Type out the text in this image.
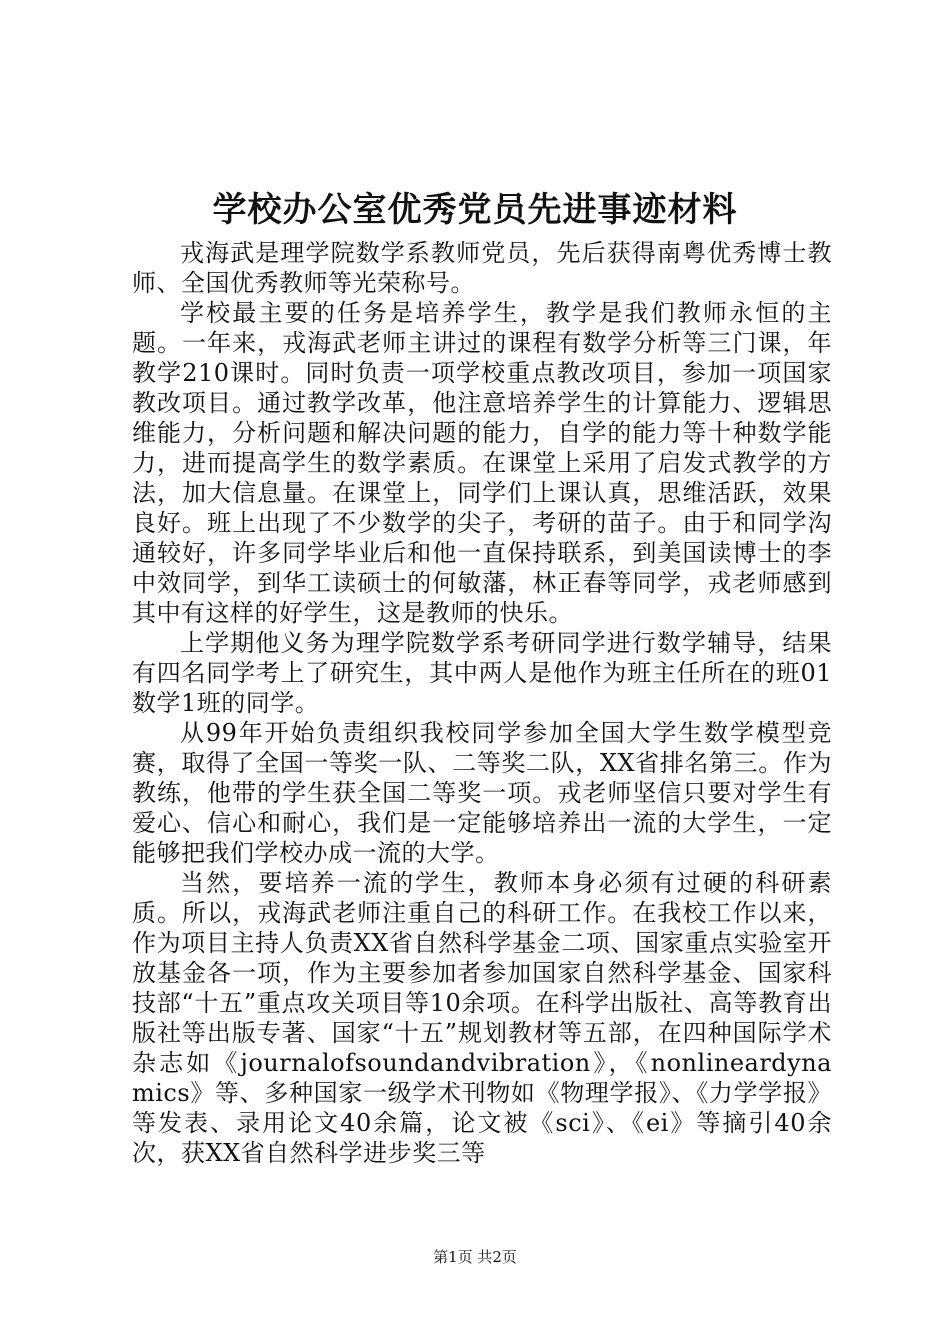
学校办公室优秀党员先进事迹材料

戎海武是理学院数学系教师党员，先后获得南粤优秀博士教师、全国优秀教师等光荣称号。

学校最主要的任务是培养学生，教学是我们教师永恒的主题。一年来，戎海武老师主讲过的课程有数学分析等三门课，年教学210课时。同时负责一项学校重点教改项目，参加一项国家教改项目。通过教学改革，他注意培养学生的计算能力、逻辑思维能力，分析问题和解决问题的能力，自学的能力等十种数学能力，进而提高学生的数学素质。在课堂上采用了启发式教学的方法，加大信息量。在课堂上，同学们上课认真，思维活跃，效果良好。班上出现了不少数学的尖子，考研的苗子。由于和同学沟通较好，许多同学毕业后和他一直保持联系，到美国读博士的李中效同学，到华工读硕士的何敏藩，林正春等同学，戎老师感到其中有这样的好学生，这是教师的快乐。

上学期他义务为理学院数学系考研同学进行数学辅导，结果有四名同学考上了研究生，其中两人是他作为班主任所在的班01数学1班的同学。

从99年开始负责组织我校同学参加全国大学生数学模型竞赛，取得了全国一等奖一队、二等奖二队，XX省排名第三。作为教练，他带的学生获全国二等奖一项。戎老师坚信只要对学生有爱心、信心和耐心，我们是一定能够培养出一流的大学生，一定能够把我们学校办成一流的大学。

当然，要培养一流的学生，教师本身必须有过硬的科研素质。所以，戎海武老师注重自己的科研工作。在我校工作以来，作为项目主持人负责XX省自然科学基金二项、国家重点实验室开放基金各一项，作为主要参加者参加国家自然科学基金、国家科技部“十五”重点攻关项目等10余项。在科学出版社、高等教育出版社等出版专著、国家“十五”规划教材等五部，在四种国际学术杂志如《journalofsoundandvibration》，《nonlineardynamics》等、多种国家一级学术刊物如《物理学报》、《力学学报》等发表、录用论文40余篇，论文被《sci》、《ei》等摘引40余次，获XX省自然科学进步奖三等

第1页 共2页
